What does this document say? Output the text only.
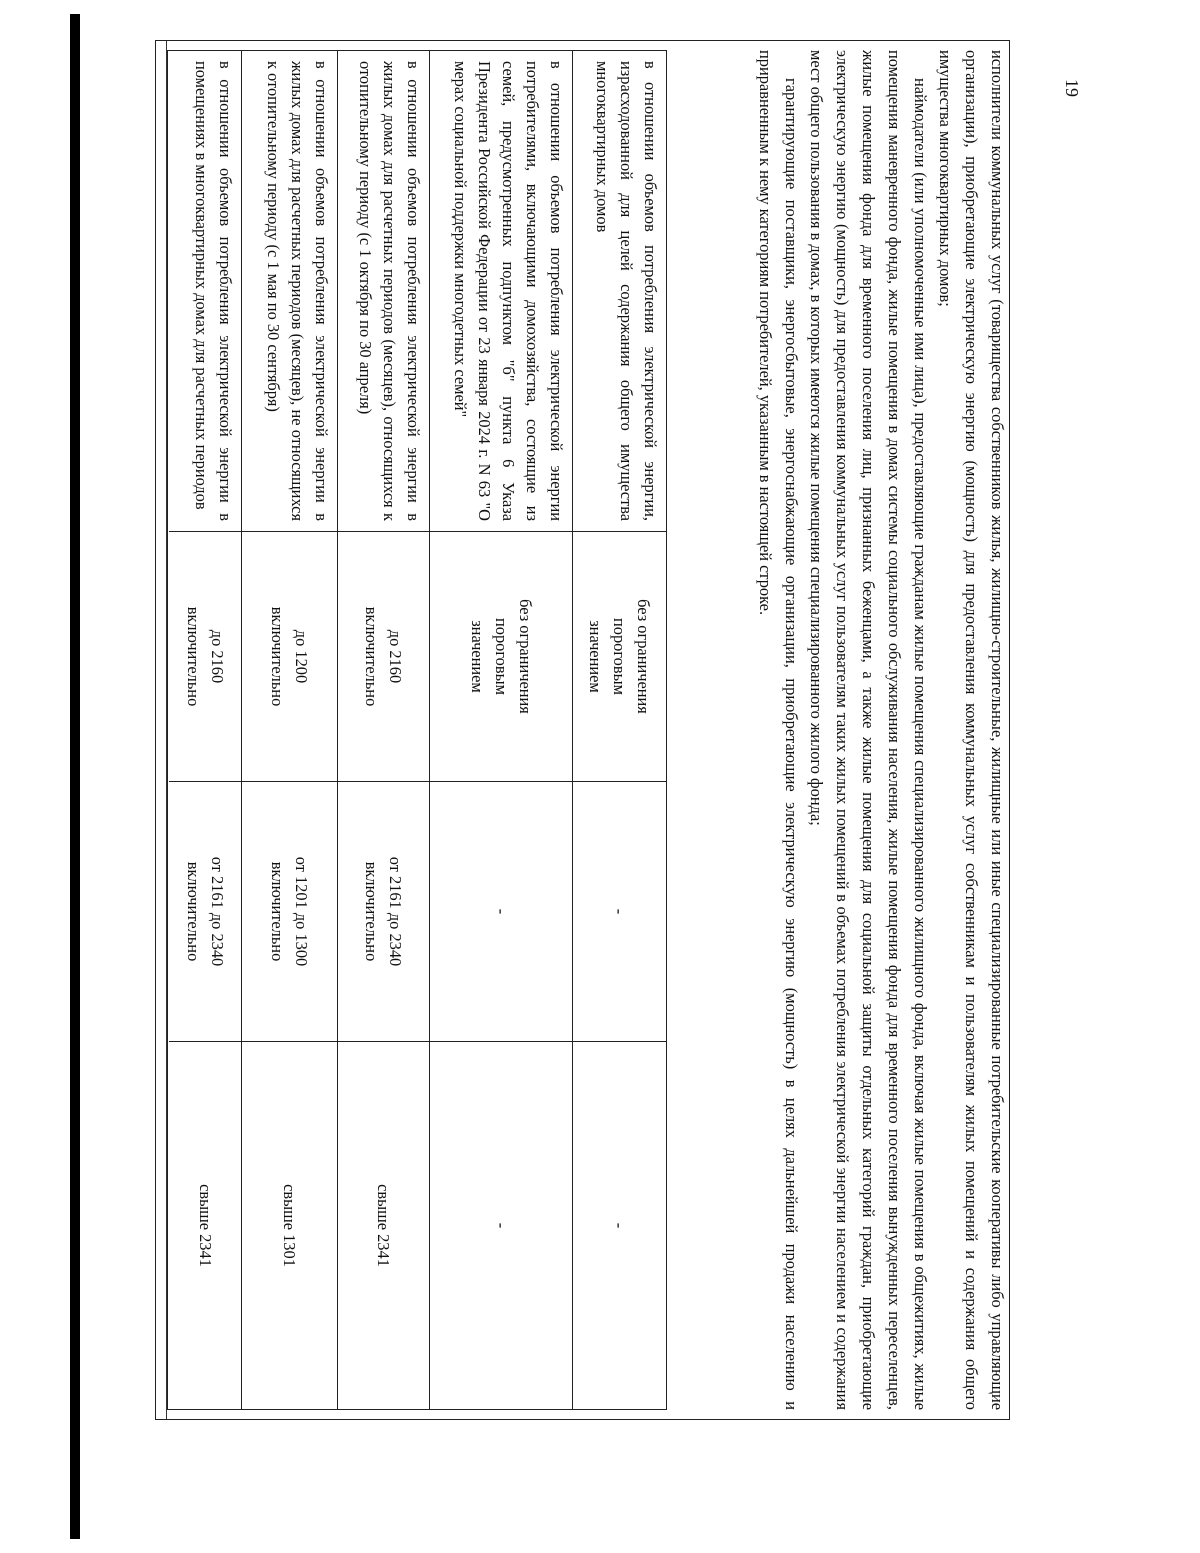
19

исполнители коммунальных услуг (товарищества собственников жилья, жилищно-строительные, жилищные или иные специализированные потребительские кооперативы либо управляющие организации), приобретающие электрическую энергию (мощность) для предоставления коммунальных услуг собственникам и пользователям жилых помещений и содержания общего имущества многоквартирных домов;

наймодатели (или уполномоченные ими лица), предоставляющие гражданам жилые помещения специализированного жилищного фонда, включая жилые помещения в общежитиях, жилые помещения маневренного фонда, жилые помещения в домах системы социального обслуживания населения, жилые помещения фонда для временного поселения вынужденных переселенцев, жилые помещения фонда для временного поселения лиц, признанных беженцами, а также жилые помещения для социальной защиты отдельных категорий граждан, приобретающие электрическую энергию (мощность) для предоставления коммунальных услуг пользователям таких жилых помещений в объемах потребления электрической энергии населением и содержания мест общего пользования в домах, в которых имеются жилые помещения специализированного жилого фонда;

гарантирующие поставщики, энергосбытовые, энергоснабжающие организации, приобретающие электрическую энергию (мощность) в целях дальнейшей продажи населению и приравненным к нему категориям потребителей, указанным в настоящей строке.

в отношении объемов потребления электрической энергии, израсходованной для целей содержания общего имущества многоквартирных домов
без ограничения
пороговым
значением
-
-
в отношении объемов потребления электрической энергии потребителями, включающими домохозяйства, состоящие из семей, предусмотренных подпунктом "б" пункта 6 Указа Президента Российской Федерации от 23 января 2024 г. N 63 "О мерах социальной поддержки многодетных семей"
без ограничения
пороговым
значением
-
-
в отношении объемов потребления электрической энергии в жилых домах для расчетных периодов (месяцев), относящихся к отопительному периоду (с 1 октября по 30 апреля)
до 2160
включительно
от 2161 до 2340
включительно
свыше 2341
в отношении объемов потребления электрической энергии в жилых домах для расчетных периодов (месяцев), не относящихся к отопительному периоду (с 1 мая по 30 сентября)
до 1200
включительно
от 1201 до 1300
включительно
свыше 1301
в отношении объемов потребления электрической энергии в помещениях в многоквартирных домах для расчетных периодов
до 2160
включительно
от 2161 до 2340
включительно
свыше 2341
